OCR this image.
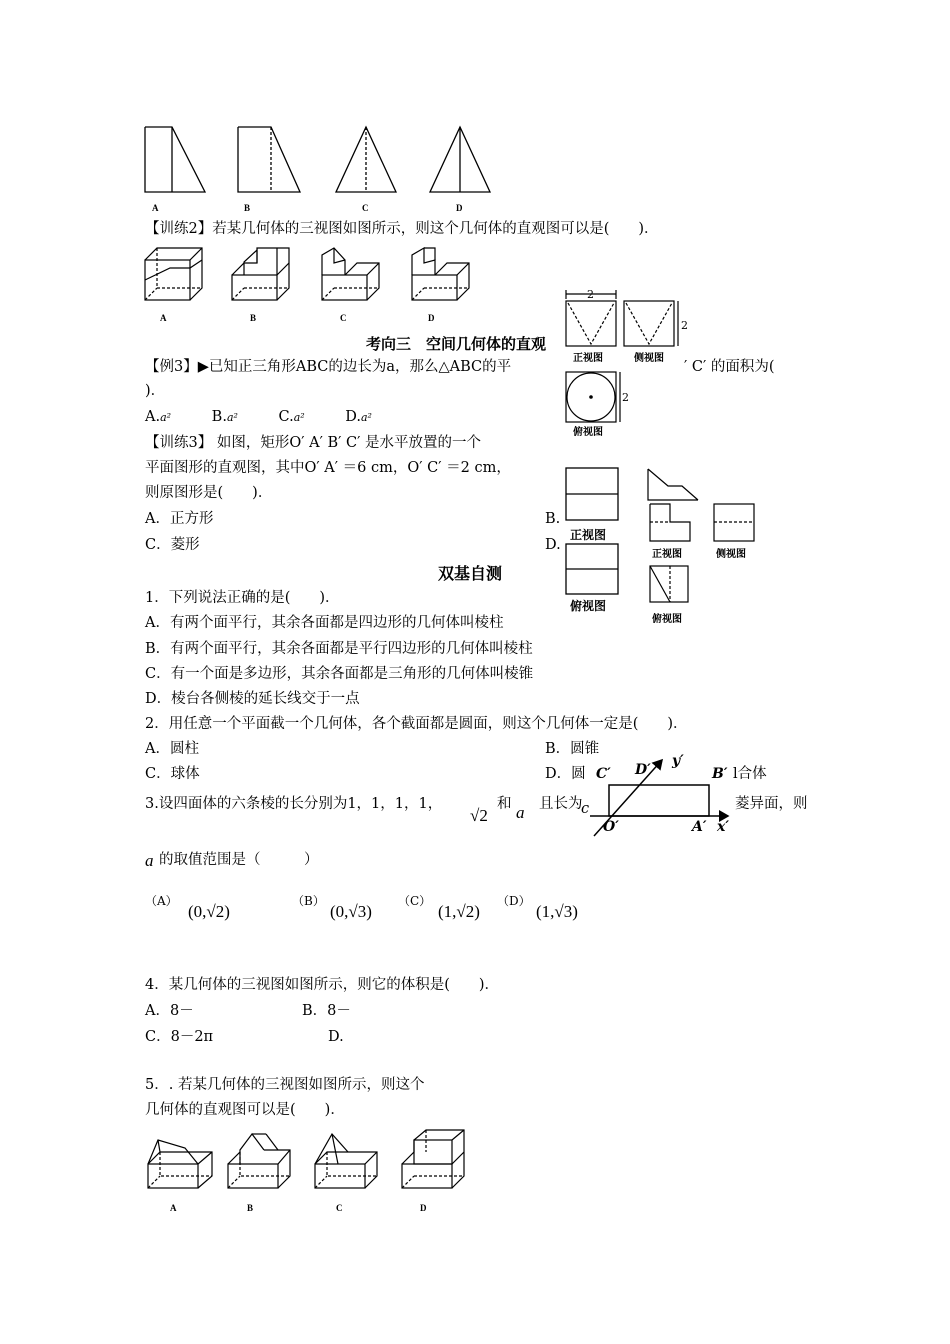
A	B	C	D
【训练2】若某几何体的三视图如图所示，则这个几何体的直观图可以是(　　)．
A	B	C	D
考向三　空间几何体的直观
【例3】▶已知正三角形ABC的边长为a，那么△ABC的平	′ C′ 的面积为(
)．
A.a²	B.a²	C.a²	D.a²
【训练3】 如图，矩形O′ A′ B′ C′ 是水平放置的一个
平面图形的直观图，其中O′ A′ ＝6 cm，O′ C′ ＝2 cm，
则原图形是(　　)．
A．正方形	B.
C．菱形	D.
2
2
2
正视图	侧视图
俯视图
正视图
俯视图
正视图	侧视图
俯视图
双基自测
1．下列说法正确的是(　　)．
A．有两个面平行，其余各面都是四边形的几何体叫棱柱
B．有两个面平行，其余各面都是平行四边形的几何体叫棱柱
C．有一个面是多边形，其余各面都是三角形的几何体叫棱锥
D．棱台各侧棱的延长线交于一点
2．用任意一个平面截一个几何体，各个截面都是圆面，则这个几何体一定是(　　)．
A．圆柱	B．圆锥
C．球体	D．圆	l合体
C′ D′
y′
B′
O′	A′ x′
3.设四面体的六条棱的长分别为1，1，1，1，
√2
和 a 且长为
c	菱异面，则
a 的取值范围是（　　　）
（A）
(0,√2)
（B）
(0,√3)
（C）
(1,√2)
（D）
(1,√3)
4．某几何体的三视图如图所示，则它的体积是(　　)．
A．8－	B．8－
C．8－2π	D.
5．. 若某几何体的三视图如图所示，则这个
几何体的直观图可以是(　　)．
A	B	C	D
